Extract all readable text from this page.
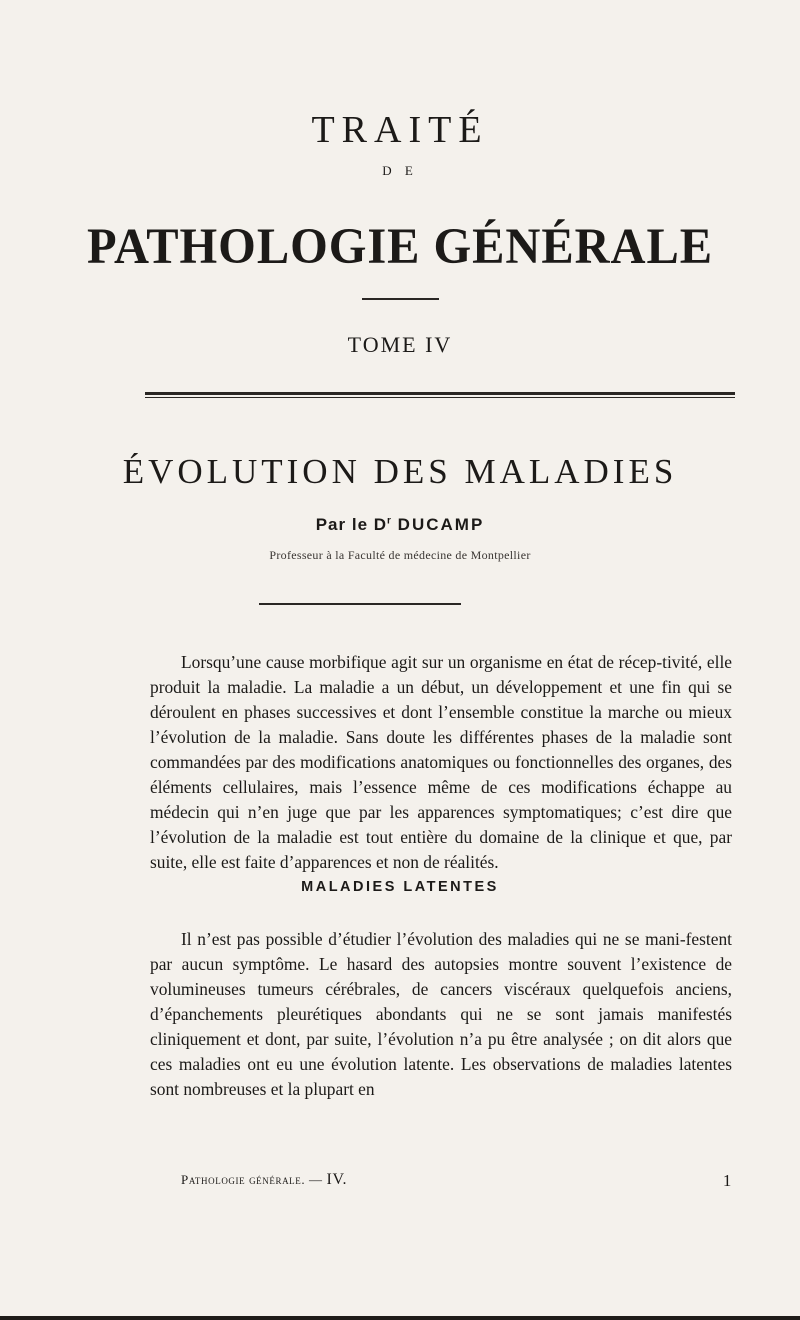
TRAITÉ
D E
PATHOLOGIE GÉNÉRALE
TOME IV
ÉVOLUTION DES MALADIES
Par le $D^r$ DUCAMP
Professeur à la Faculté de médecine de Montpellier

Lorsqu’une cause morbifique agit sur un organisme en état de récep-tivité, elle produit la maladie. La maladie a un début, un développement et une fin qui se déroulent en phases successives et dont l’ensemble constitue la marche ou mieux l’évolution de la maladie. Sans doute les différentes phases de la maladie sont commandées par des modifications anatomiques ou fonctionnelles des organes, des éléments cellulaires, mais l’essence même de ces modifications échappe au médecin qui n’en juge que par les apparences symptomatiques; c’est dire que l’évolution de la maladie est tout entière du domaine de la clinique et que, par suite, elle est faite d’apparences et non de réalités.

MALADIES LATENTES

Il n’est pas possible d’étudier l’évolution des maladies qui ne se mani-festent par aucun symptôme. Le hasard des autopsies montre souvent l’existence de volumineuses tumeurs cérébrales, de cancers viscéraux quelquefois anciens, d’épanchements pleurétiques abondants qui ne se sont jamais manifestés cliniquement et dont, par suite, l’évolution n’a pu être analysée ; on dit alors que ces maladies ont eu une évolution latente. Les observations de maladies latentes sont nombreuses et la plupart en

Pathologie générale. — IV.	1
